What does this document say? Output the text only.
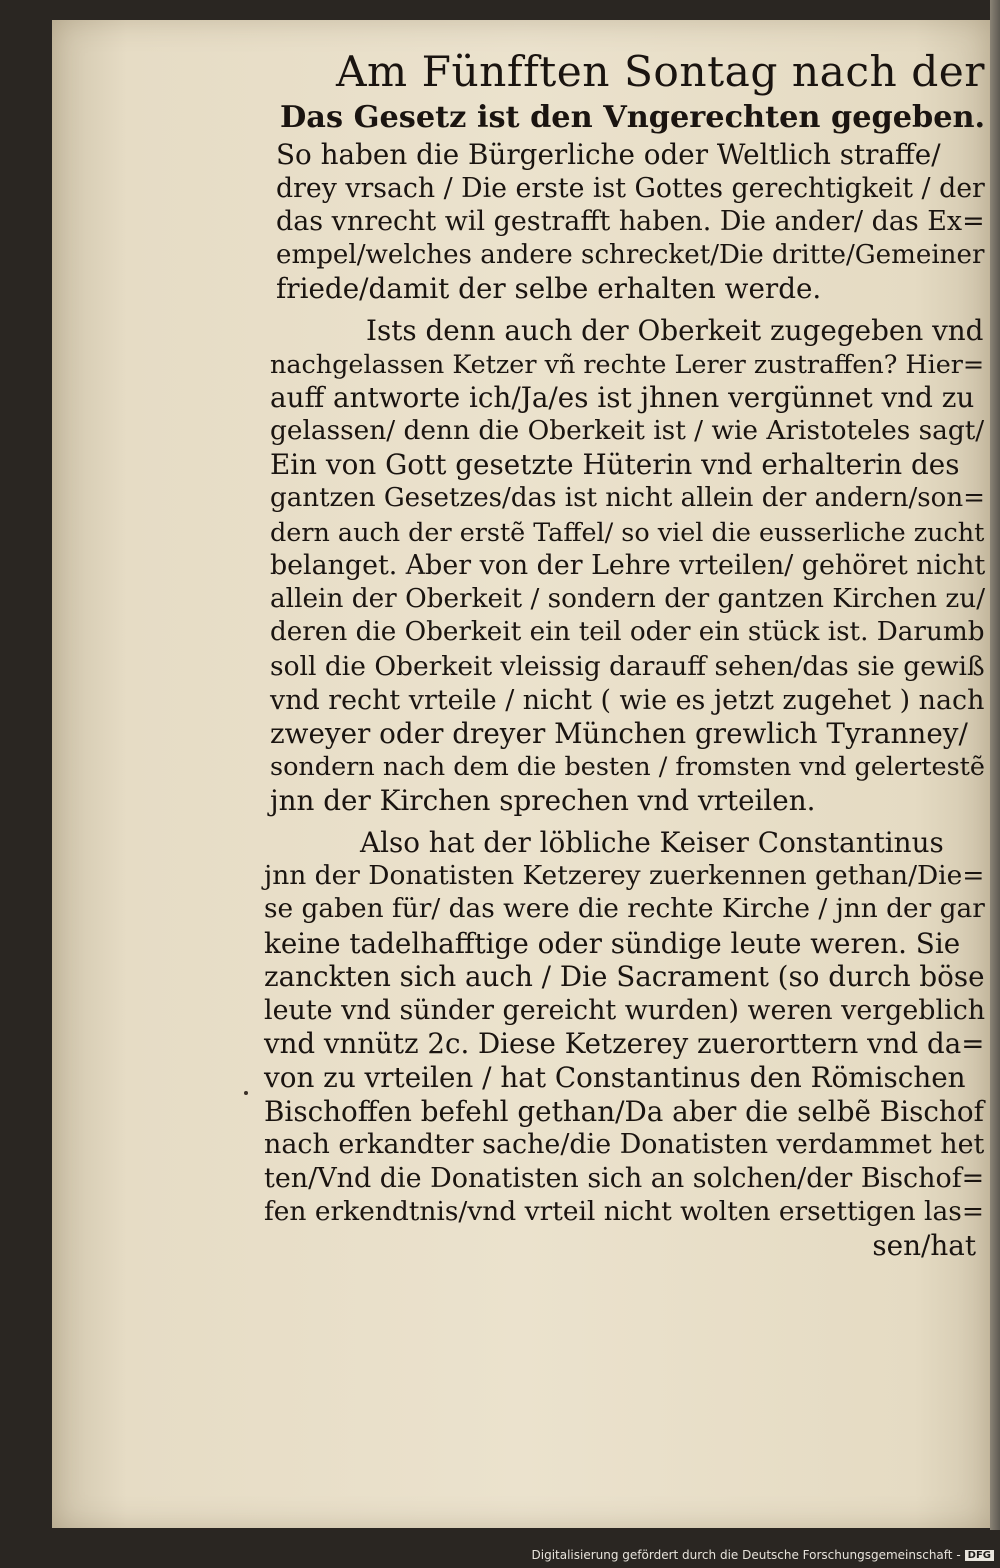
Am Fünfften Sontag nach der
Das Gesetz ist den Vngerechten gegeben.
So haben die Bürgerliche oder Weltlich straffe/
drey vrsach / Die erste ist Gottes gerechtigkeit / der
das vnrecht wil gestrafft haben. Die ander/ das Ex=
empel/welches andere schrecket/Die dritte/Gemeiner
friede/damit der selbe erhalten werde.
Ists denn auch der Oberkeit zugegeben vnd
nachgelassen Ketzer vñ rechte Lerer zustraffen? Hier=
auff antworte ich/Ja/es ist jhnen vergünnet vnd zu
gelassen/ denn die Oberkeit ist / wie Aristoteles sagt/
Ein von Gott gesetzte Hüterin vnd erhalterin des
gantzen Gesetzes/das ist nicht allein der andern/son=
dern auch der erstẽ Taffel/ so viel die eusserliche zucht
belanget. Aber von der Lehre vrteilen/ gehöret nicht
allein der Oberkeit / sondern der gantzen Kirchen zu/
deren die Oberkeit ein teil oder ein stück ist. Darumb
soll die Oberkeit vleissig darauff sehen/das sie gewiß
vnd recht vrteile / nicht ( wie es jetzt zugehet ) nach
zweyer oder dreyer München grewlich Tyranney/
sondern nach dem die besten / fromsten vnd gelertestẽ
jnn der Kirchen sprechen vnd vrteilen.
Also hat der löbliche Keiser Constantinus
jnn der Donatisten Ketzerey zuerkennen gethan/Die=
se gaben für/ das were die rechte Kirche / jnn der gar
keine tadelhafftige oder sündige leute weren. Sie
zanckten sich auch / Die Sacrament (so durch böse
leute vnd sünder gereicht wurden) weren vergeblich
vnd vnnütz 2c. Diese Ketzerey zuerorttern vnd da=
von zu vrteilen / hat Constantinus den Römischen
Bischoffen befehl gethan/Da aber die selbẽ Bischof
nach erkandter sache/die Donatisten verdammet het
ten/Vnd die Donatisten sich an solchen/der Bischof=
fen erkendtnis/vnd vrteil nicht wolten ersettigen las=
sen/hat
Digitalisierung gefördert durch die Deutsche Forschungsgemeinschaft - DFG
